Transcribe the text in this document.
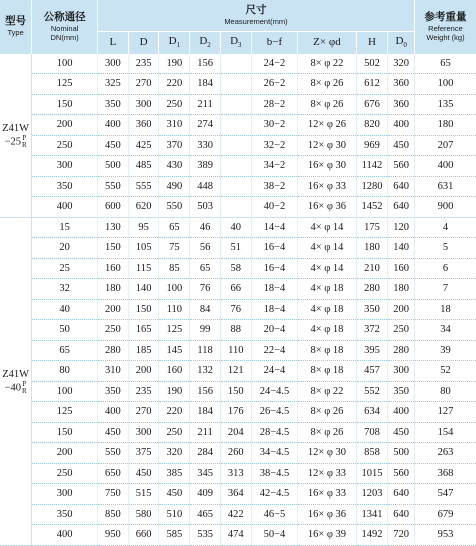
型号
Type	公称通径
Nominal
DN(mm)	尺寸
Measurement(mm)									参考重量
Reference
Weight (kg)

		L	D	$D_1$	$D_2$	$D_3$	b−f	Z× φd	H	$D_0$

Z41W
−25 P
R	100	300	235	190	156		24−2	8× φ 22	502	320	65
	125	325	270	220	184		26−2	8× φ 26	612	360	100
	150	350	300	250	211		28−2	8× φ 26	676	360	135
	200	400	360	310	274		30−2	12× φ 26	820	400	180
	250	450	425	370	330		32−2	12× φ 30	969	450	207
	300	500	485	430	389		34−2	16× φ 30	1142	560	400
	350	550	555	490	448		38−2	16× φ 33	1280	640	631
	400	600	620	550	503		40−2	16× φ 36	1452	640	900

Z41W
−40 P
R	15	130	95	65	46	40	14−4	4× φ 14	175	120	4
	20	150	105	75	56	51	16−4	4× φ 14	180	140	5
	25	160	115	85	65	58	16−4	4× φ 14	210	160	6
	32	180	140	100	76	66	18−4	4× φ 18	280	180	7
	40	200	150	110	84	76	18−4	4× φ 18	350	200	18
	50	250	165	125	99	88	20−4	4× φ 18	372	250	34
	65	280	185	145	118	110	22−4	8× φ 18	395	280	39
	80	310	200	160	132	121	24−4	8× φ 18	457	300	52
	100	350	235	190	156	150	24−4.5	8× φ 22	552	350	80
	125	400	270	220	184	176	26−4.5	8× φ 26	634	400	127
	150	450	300	250	211	204	28−4.5	8× φ 26	708	450	154
	200	550	375	320	284	260	34−4.5	12× φ 30	858	500	263
	250	650	450	385	345	313	38−4.5	12× φ 33	1015	560	368
	300	750	515	450	409	364	42−4.5	16× φ 33	1203	640	547
	350	850	580	510	465	422	46−5	16× φ 36	1341	640	679
	400	950	660	585	535	474	50−4	16× φ 39	1492	720	953
